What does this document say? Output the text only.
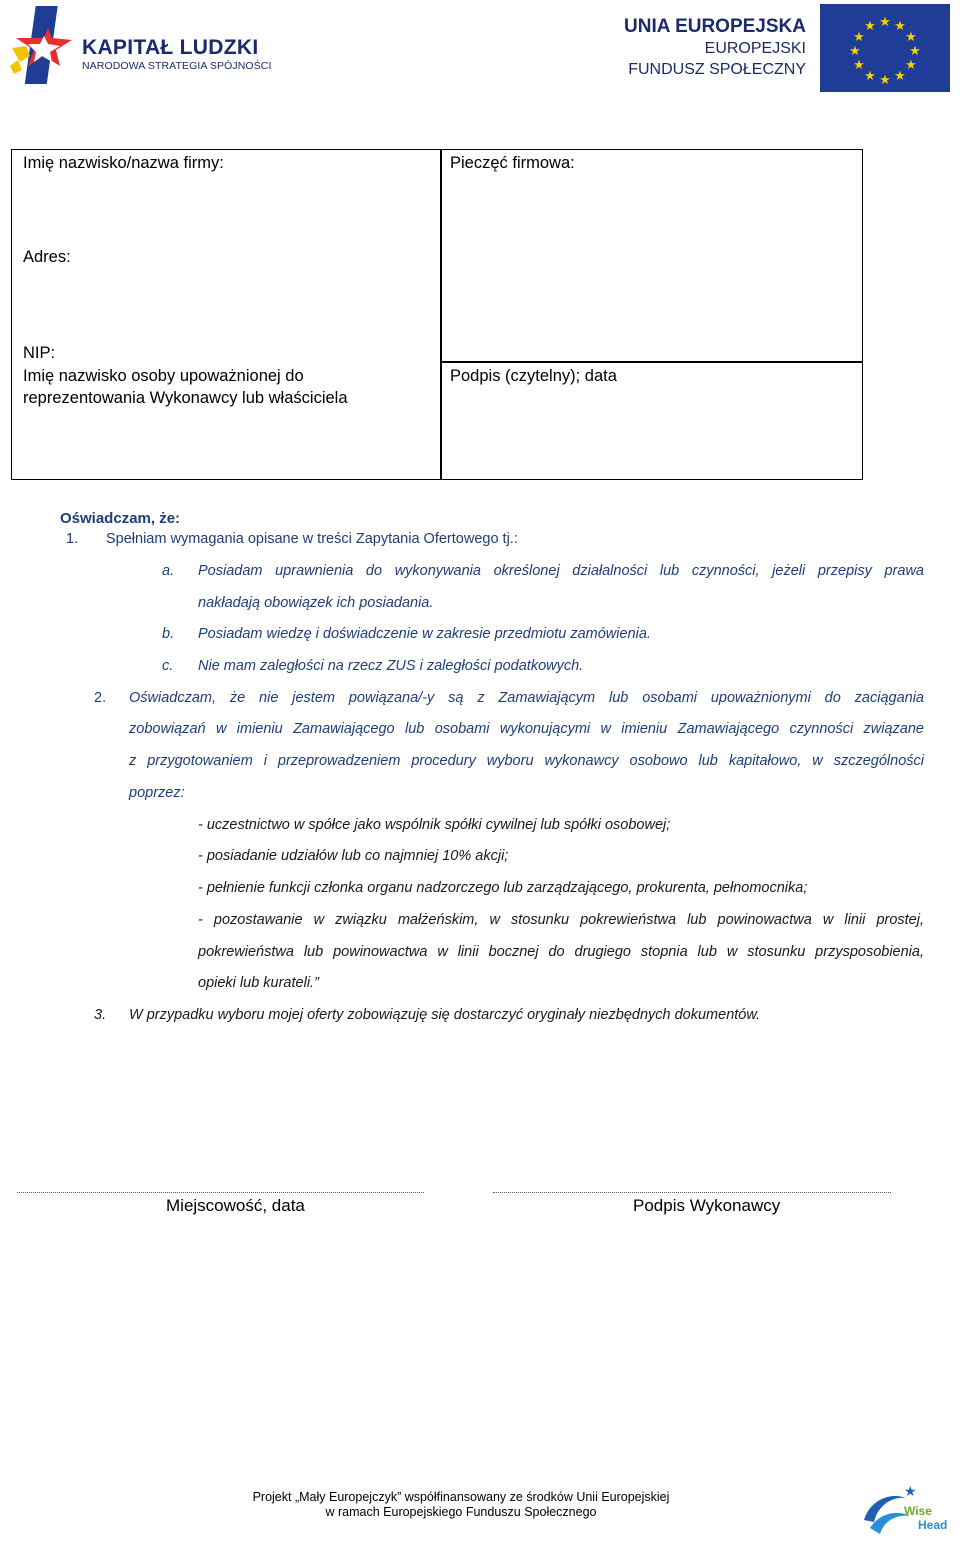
KAPITAŁ LUDZKI
NARODOWA STRATEGIA SPÓJNOŚCI
UNIA EUROPEJSKA
EUROPEJSKI
FUNDUSZ SPOŁECZNY
★ ★
★
★
★
★
★
★
★
★
★
★
Imię nazwisko/nazwa firmy:	Pieczęć firmowa:
Adres:
NIP:
Imię nazwisko osoby upoważnionej do
reprezentowania Wykonawcy lub właściciela
Podpis (czytelny); data
Oświadczam, że:
1. Spełniam wymagania opisane w treści Zapytania Ofertowego tj.:
a. Posiadam uprawnienia do wykonywania określonej działalności lub czynności, jeżeli przepisy prawa
nakładają obowiązek ich posiadania.
b. Posiadam wiedzę i doświadczenie w zakresie przedmiotu zamówienia.
c. Nie mam zaległości na rzecz ZUS i zaległości podatkowych.
2. Oświadczam, że nie jestem powiązana/-y są z Zamawiającym lub osobami upoważnionymi do zaciągania
zobowiązań w imieniu Zamawiającego lub osobami wykonującymi w imieniu Zamawiającego czynności związane
z przygotowaniem i przeprowadzeniem procedury wyboru wykonawcy osobowo lub kapitałowo, w szczególności
poprzez:
- uczestnictwo w spółce jako wspólnik spółki cywilnej lub spółki osobowej;
- posiadanie udziałów lub co najmniej 10% akcji;
- pełnienie funkcji członka organu nadzorczego lub zarządzającego, prokurenta, pełnomocnika;
- pozostawanie w związku małżeńskim, w stosunku pokrewieństwa lub powinowactwa w linii prostej,
pokrewieństwa lub powinowactwa w linii bocznej do drugiego stopnia lub w stosunku przysposobienia,
opieki lub kurateli.”
3. W przypadku wyboru mojej oferty zobowiązuję się dostarczyć oryginały niezbędnych dokumentów.
Miejscowość, data	Podpis Wykonawcy
Projekt „Mały Europejczyk” współfinansowany ze środków Unii Europejskiej
w ramach Europejskiego Funduszu Społecznego
★
Wise
Head
